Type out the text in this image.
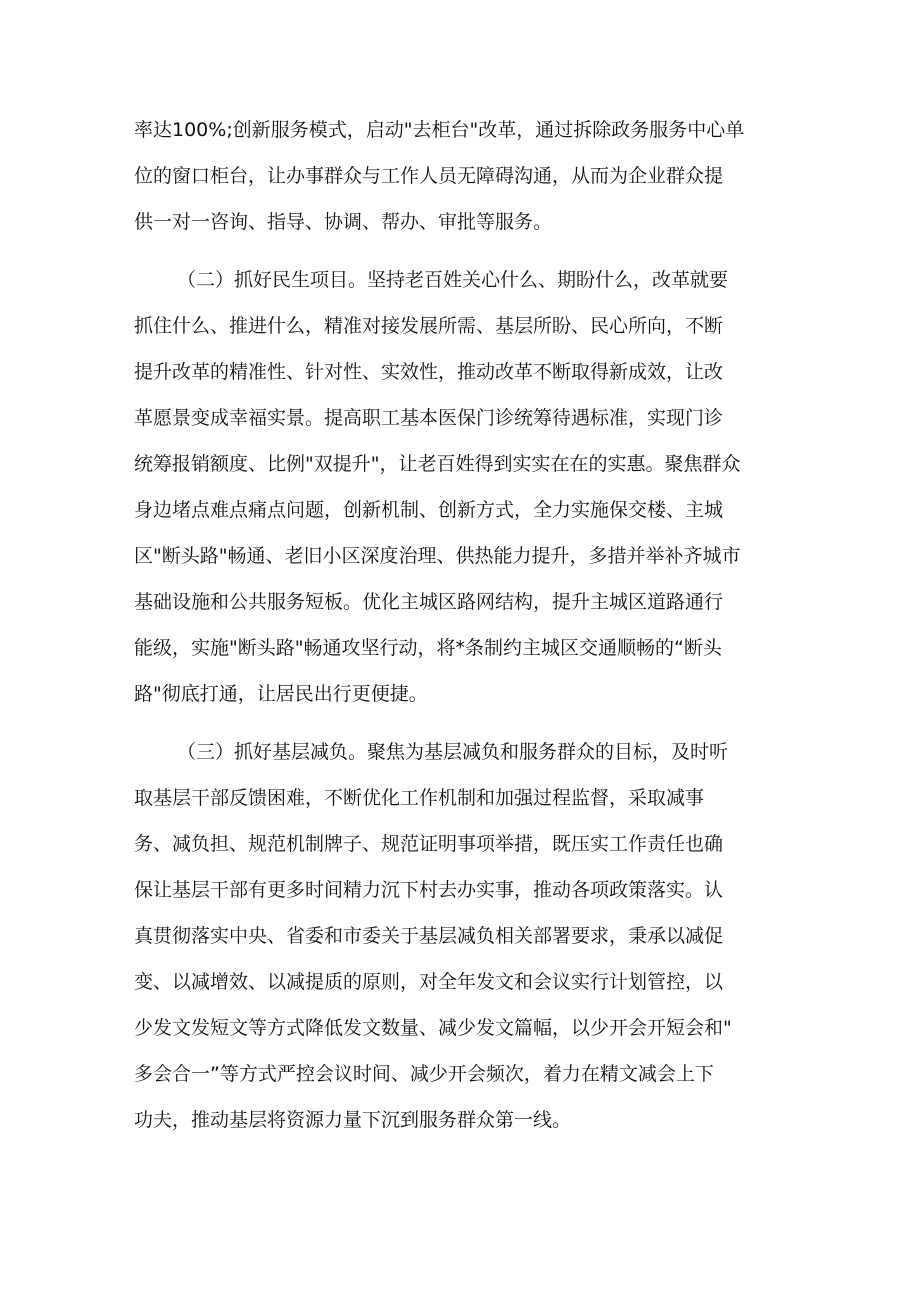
率达100%;创新服务模式，启动"去柜台"改革，通过拆除政务服务中心单
位的窗口柜台，让办事群众与工作人员无障碍沟通，从而为企业群众提
供一对一咨询、指导、协调、帮办、审批等服务。
（二）抓好民生项目。坚持老百姓关心什么、期盼什么，改革就要
抓住什么、推进什么，精准对接发展所需、基层所盼、民心所向，不断
提升改革的精准性、针对性、实效性，推动改革不断取得新成效，让改
革愿景变成幸福实景。提高职工基本医保门诊统筹待遇标准，实现门诊
统筹报销额度、比例"双提升"，让老百姓得到实实在在的实惠。聚焦群众
身边堵点难点痛点问题，创新机制、创新方式，全力实施保交楼、主城
区"断头路"畅通、老旧小区深度治理、供热能力提升，多措并举补齐城市
基础设施和公共服务短板。优化主城区路网结构，提升主城区道路通行
能级，实施"断头路"畅通攻坚行动，将*条制约主城区交通顺畅的“断头
路"彻底打通，让居民出行更便捷。
（三）抓好基层减负。聚焦为基层减负和服务群众的目标，及时听
取基层干部反馈困难，不断优化工作机制和加强过程监督，采取减事
务、减负担、规范机制牌子、规范证明事项举措，既压实工作责任也确
保让基层干部有更多时间精力沉下村去办实事，推动各项政策落实。认
真贯彻落实中央、省委和市委关于基层减负相关部署要求，秉承以减促
变、以减增效、以减提质的原则，对全年发文和会议实行计划管控，以
少发文发短文等方式降低发文数量、减少发文篇幅，以少开会开短会和"
多会合一”等方式严控会议时间、减少开会频次，着力在精文减会上下
功夫，推动基层将资源力量下沉到服务群众第一线。
